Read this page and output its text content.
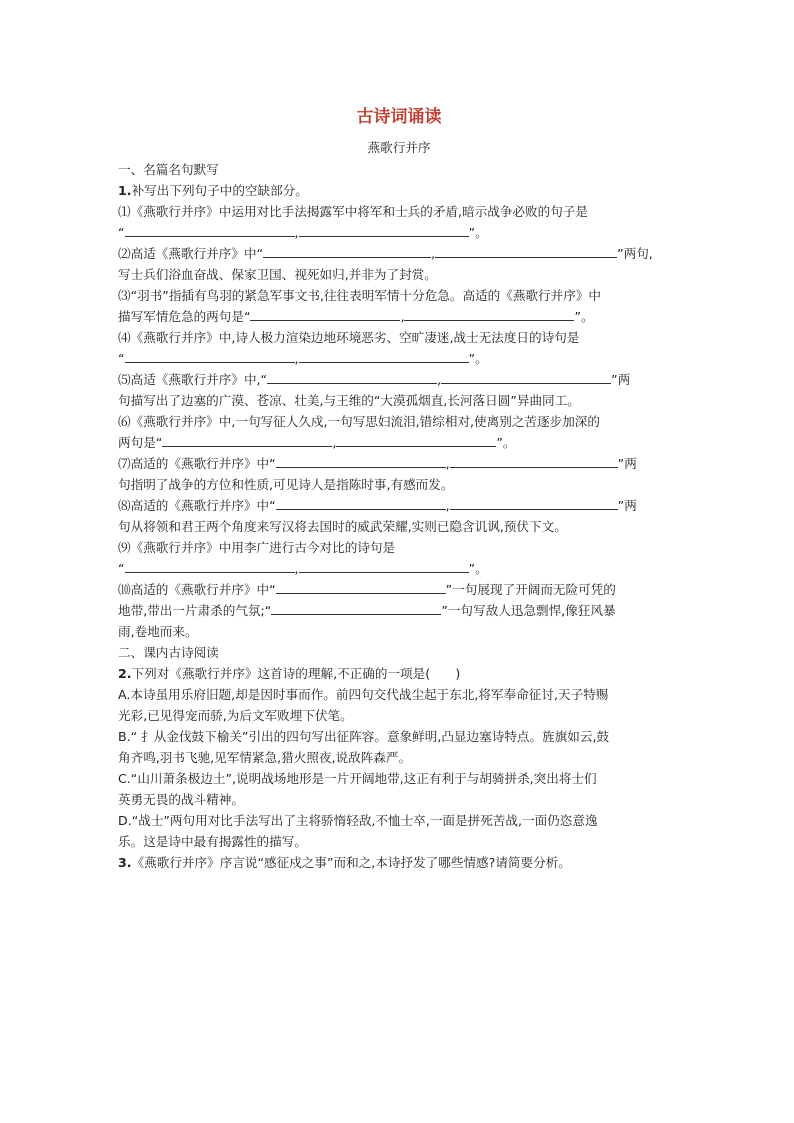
古诗词诵读
燕歌行并序
一、名篇名句默写
1.补写出下列句子中的空缺部分。
⑴《燕歌行并序》中运用对比手法揭露军中将军和士兵的矛盾,暗示战争必败的句子是
“	,	”。
⑵高适《燕歌行并序》中“	,	”两句,
写士兵们浴血奋战、保家卫国、视死如归,并非为了封赏。
⑶“羽书”指插有鸟羽的紧急军事文书,往往表明军情十分危急。高适的《燕歌行并序》中
描写军情危急的两句是“	,	”。
⑷《燕歌行并序》中,诗人极力渲染边地环境恶劣、空旷凄迷,战士无法度日的诗句是
“	,	”。
⑸高适《燕歌行并序》中,“	,	”两
句描写出了边塞的广漠、苍凉、壮美,与王维的“大漠孤烟直,长河落日圆”异曲同工。
⑹《燕歌行并序》中,一句写征人久戍,一句写思妇流泪,错综相对,使离别之苦逐步加深的
两句是“	,	”。
⑺高适的《燕歌行并序》中“	,	”两
句指明了战争的方位和性质,可见诗人是指陈时事,有感而发。
⑻高适的《燕歌行并序》中“	,	”两
句从将领和君王两个角度来写汉将去国时的威武荣耀,实则已隐含讥讽,预伏下文。
⑼《燕歌行并序》中用李广进行古今对比的诗句是
“	,	”。
⑽高适的《燕歌行并序》中“	”一句展现了开阔而无险可凭的
地带,带出一片肃杀的气氛;“	”一句写敌人迅急剽悍,像狂风暴
雨,卷地而来。
二、课内古诗阅读
2.下列对《燕歌行并序》这首诗的理解,不正确的一项是(　　)
A.本诗虽用乐府旧题,却是因时事而作。前四句交代战尘起于东北,将军奉命征讨,天子特赐
光彩,已见得宠而骄,为后文军败埋下伏笔。
B.“ 扌从金伐鼓下榆关”引出的四句写出征阵容。意象鲜明,凸显边塞诗特点。旌旗如云,鼓
角齐鸣,羽书飞驰,见军情紧急,猎火照夜,说敌阵森严。
C.“山川萧条极边土”,说明战场地形是一片开阔地带,这正有利于与胡骑拼杀,突出将士们
英勇无畏的战斗精神。
D.“战士”两句用对比手法写出了主将骄惰轻敌,不恤士卒,一面是拼死苦战,一面仍恣意逸
乐。这是诗中最有揭露性的描写。
3.《燕歌行并序》序言说“感征戍之事”而和之,本诗抒发了哪些情感?请简要分析。
